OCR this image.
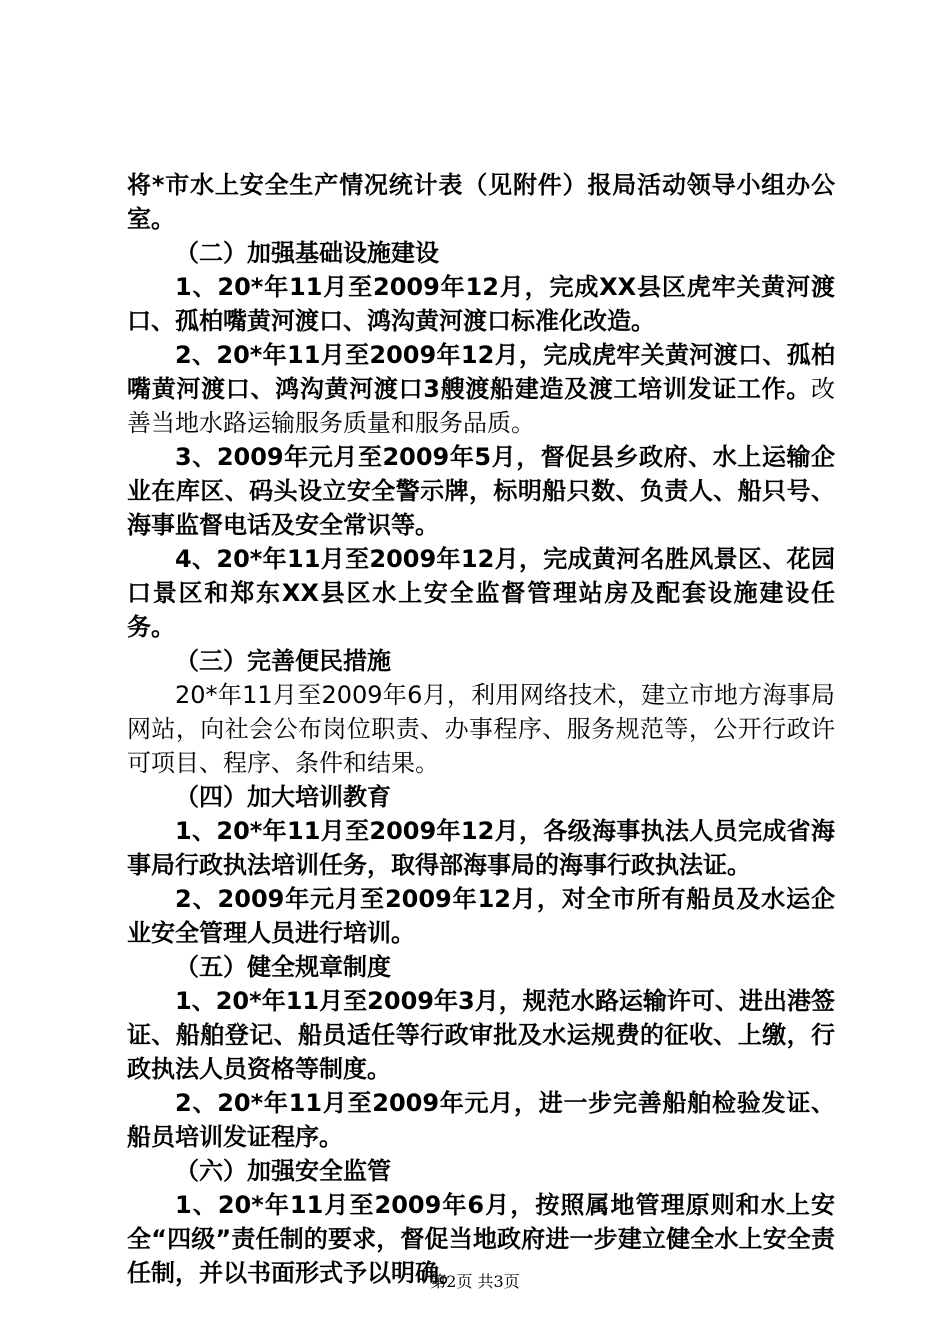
将*市水上安全生产情况统计表（见附件）报局活动领导小组办公室。

（二）加强基础设施建设

1、20*年11月至2009年12月，完成XX县区虎牢关黄河渡口、孤柏嘴黄河渡口、鸿沟黄河渡口标准化改造。

2、20*年11月至2009年12月，完成虎牢关黄河渡口、孤柏嘴黄河渡口、鸿沟黄河渡口3艘渡船建造及渡工培训发证工作。改善当地水路运输服务质量和服务品质。

3、2009年元月至2009年5月，督促县乡政府、水上运输企业在库区、码头设立安全警示牌，标明船只数、负责人、船只号、海事监督电话及安全常识等。

4、20*年11月至2009年12月，完成黄河名胜风景区、花园口景区和郑东XX县区水上安全监督管理站房及配套设施建设任务。

（三）完善便民措施

20*年11月至2009年6月，利用网络技术，建立市地方海事局网站，向社会公布岗位职责、办事程序、服务规范等，公开行政许可项目、程序、条件和结果。

（四）加大培训教育

1、20*年11月至2009年12月，各级海事执法人员完成省海事局行政执法培训任务，取得部海事局的海事行政执法证。

2、2009年元月至2009年12月，对全市所有船员及水运企业安全管理人员进行培训。

（五）健全规章制度

1、20*年11月至2009年3月，规范水路运输许可、进出港签证、船舶登记、船员适任等行政审批及水运规费的征收、上缴，行政执法人员资格等制度。

2、20*年11月至2009年元月，进一步完善船舶检验发证、船员培训发证程序。

（六）加强安全监管

1、20*年11月至2009年6月，按照属地管理原则和水上安全“四级”责任制的要求，督促当地政府进一步建立健全水上安全责任制，并以书面形式予以明确。

第2页 共3页
